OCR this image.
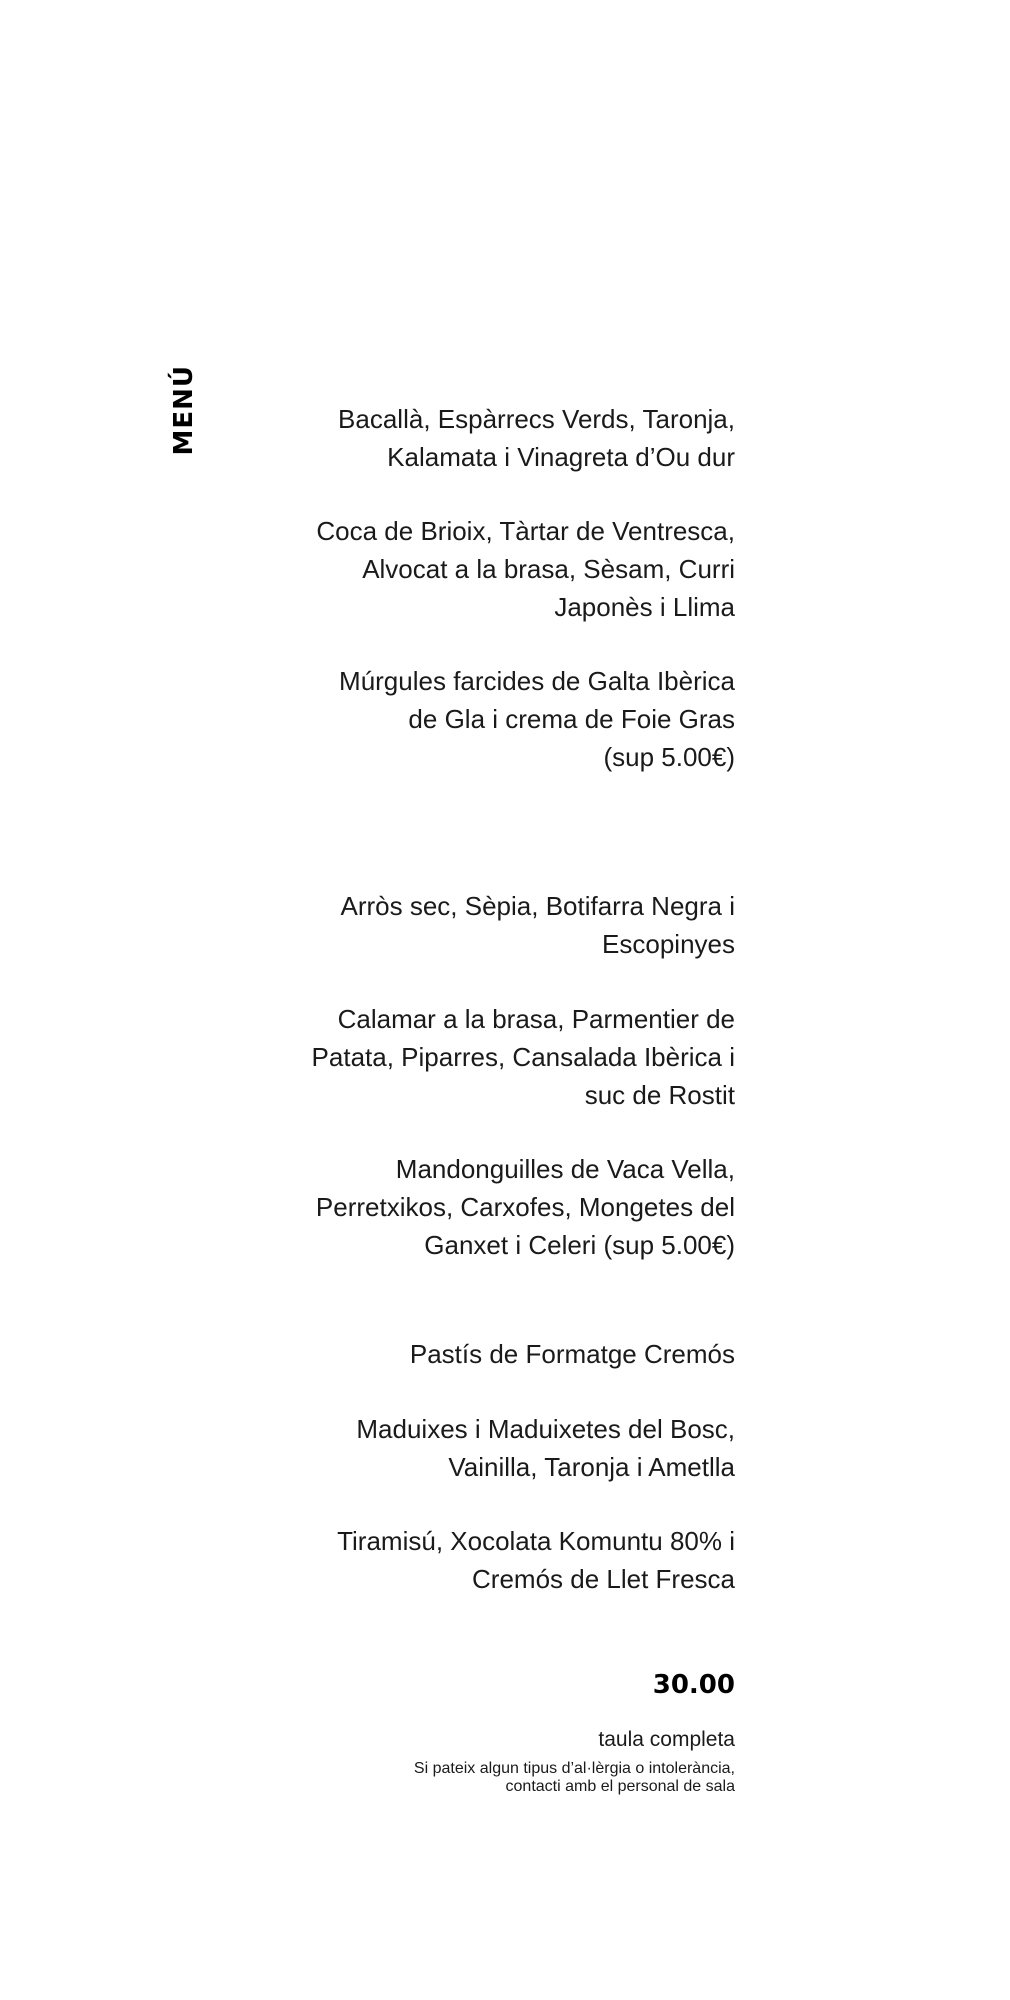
MENÚ	Bacallà, Espàrrecs Verds, Taronja,
Kalamata i Vinagreta d’Ou dur
Coca de Brioix, Tàrtar de Ventresca,
Alvocat a la brasa, Sèsam, Curri
Japonès i Llima
Múrgules farcides de Galta Ibèrica
de Gla i crema de Foie Gras
(sup 5.00€)
Arròs sec, Sèpia, Botifarra Negra i
Escopinyes
Calamar a la brasa, Parmentier de
Patata, Piparres, Cansalada Ibèrica i
suc de Rostit
Mandonguilles de Vaca Vella,
Perretxikos, Carxofes, Mongetes del
Ganxet i Celeri (sup 5.00€)
Pastís de Formatge Cremós
Maduixes i Maduixetes del Bosc,
Vainilla, Taronja i Ametlla
Tiramisú, Xocolata Komuntu 80% i
Cremós de Llet Fresca
30.00
taula completa
Si pateix algun tipus d’al·lèrgia o intolerància,
contacti amb el personal de sala
